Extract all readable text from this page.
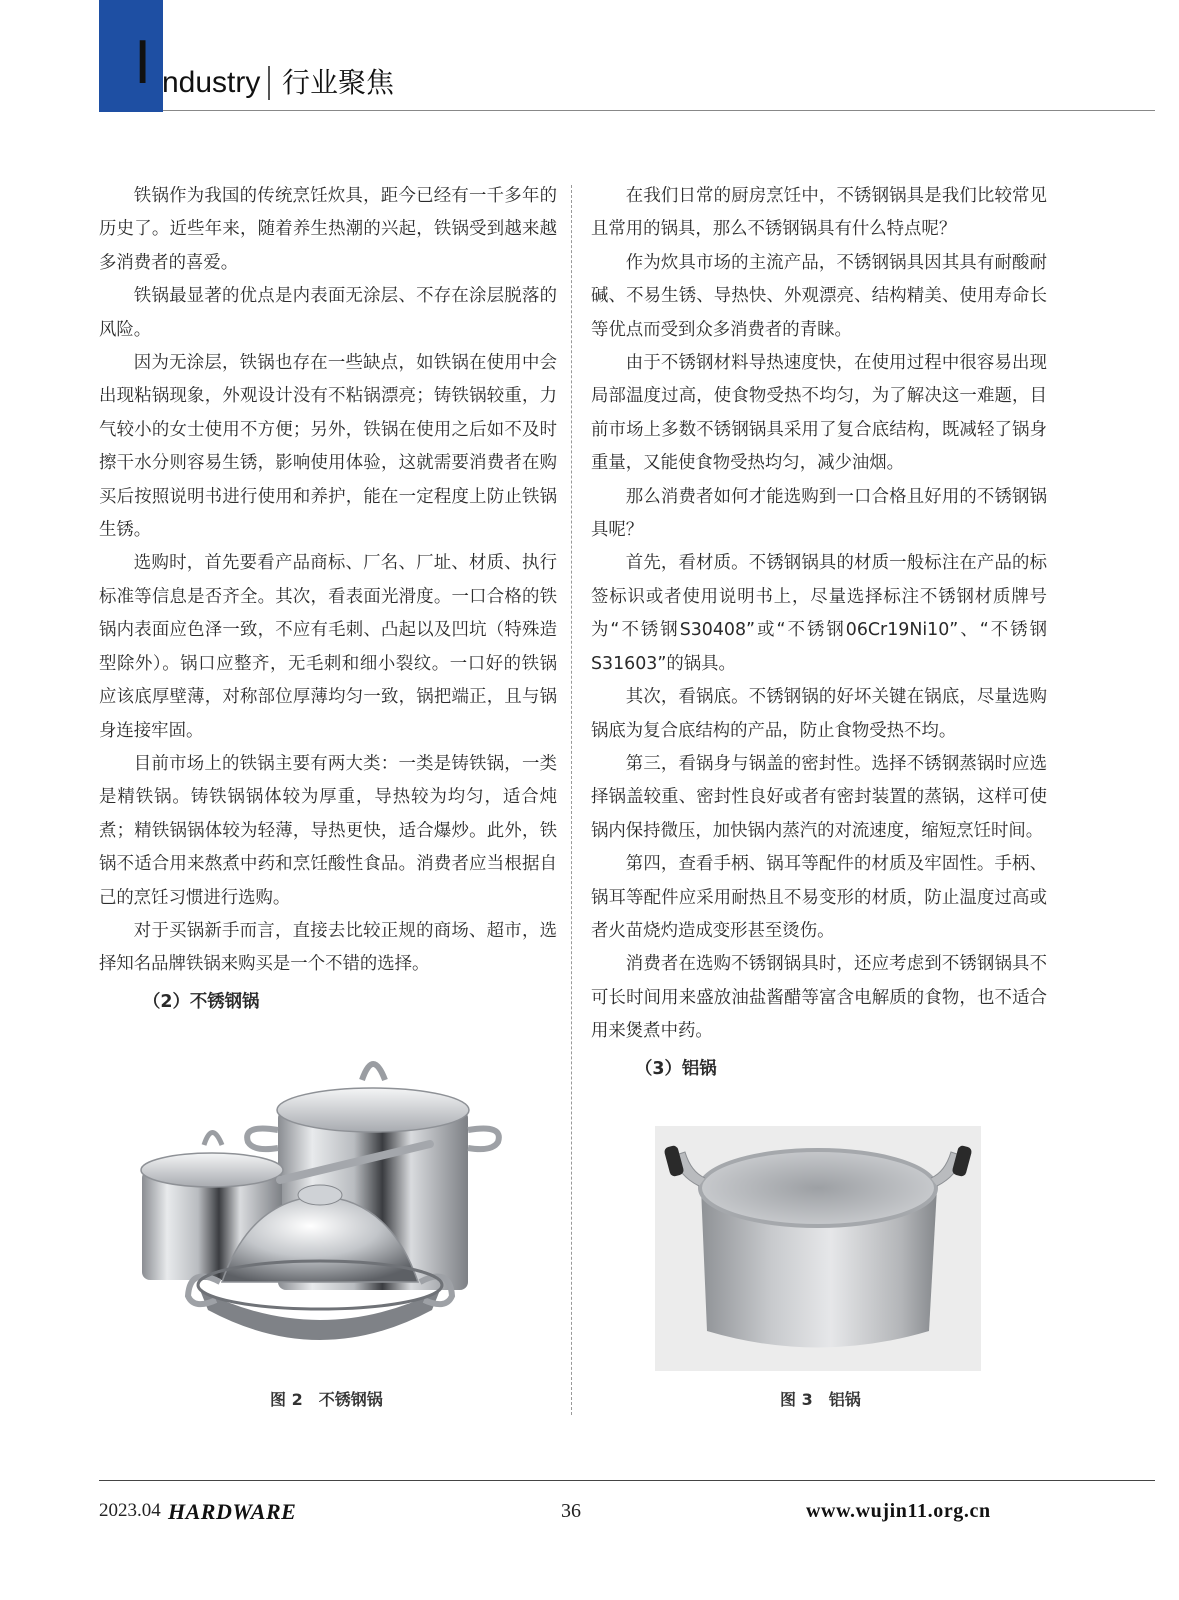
I ndustry 行业聚焦

铁锅作为我国的传统烹饪炊具，距今已经有一千多年的历史了。近些年来，随着养生热潮的兴起，铁锅受到越来越多消费者的喜爱。

铁锅最显著的优点是内表面无涂层、不存在涂层脱落的风险。

因为无涂层，铁锅也存在一些缺点，如铁锅在使用中会出现粘锅现象，外观设计没有不粘锅漂亮；铸铁锅较重，力气较小的女士使用不方便；另外，铁锅在使用之后如不及时擦干水分则容易生锈，影响使用体验，这就需要消费者在购买后按照说明书进行使用和养护，能在一定程度上防止铁锅生锈。

选购时，首先要看产品商标、厂名、厂址、材质、执行标准等信息是否齐全。其次，看表面光滑度。一口合格的铁锅内表面应色泽一致，不应有毛刺、凸起以及凹坑（特殊造型除外）。锅口应整齐，无毛刺和细小裂纹。一口好的铁锅应该底厚壁薄，对称部位厚薄均匀一致，锅把端正，且与锅身连接牢固。

目前市场上的铁锅主要有两大类：一类是铸铁锅，一类是精铁锅。铸铁锅锅体较为厚重，导热较为均匀，适合炖煮；精铁锅锅体较为轻薄，导热更快，适合爆炒。此外，铁锅不适合用来熬煮中药和烹饪酸性食品。消费者应当根据自己的烹饪习惯进行选购。

对于买锅新手而言，直接去比较正规的商场、超市，选择知名品牌铁锅来购买是一个不错的选择。

（2）不锈钢锅

在我们日常的厨房烹饪中，不锈钢锅具是我们比较常见且常用的锅具，那么不锈钢锅具有什么特点呢？

作为炊具市场的主流产品，不锈钢锅具因其具有耐酸耐碱、不易生锈、导热快、外观漂亮、结构精美、使用寿命长等优点而受到众多消费者的青睐。

由于不锈钢材料导热速度快，在使用过程中很容易出现局部温度过高，使食物受热不均匀，为了解决这一难题，目前市场上多数不锈钢锅具采用了复合底结构，既减轻了锅身重量，又能使食物受热均匀，减少油烟。

那么消费者如何才能选购到一口合格且好用的不锈钢锅具呢？

首先，看材质。不锈钢锅具的材质一般标注在产品的标签标识或者使用说明书上，尽量选择标注不锈钢材质牌号为“不锈钢S30408”或“不锈钢06Cr19Ni10”、“不锈钢 S31603”的锅具。

其次，看锅底。不锈钢锅的好坏关键在锅底，尽量选购锅底为复合底结构的产品，防止食物受热不均。

第三，看锅身与锅盖的密封性。选择不锈钢蒸锅时应选择锅盖较重、密封性良好或者有密封装置的蒸锅，这样可使锅内保持微压，加快锅内蒸汽的对流速度，缩短烹饪时间。

第四，查看手柄、锅耳等配件的材质及牢固性。手柄、锅耳等配件应采用耐热且不易变形的材质，防止温度过高或者火苗烧灼造成变形甚至烫伤。

消费者在选购不锈钢锅具时，还应考虑到不锈钢锅具不可长时间用来盛放油盐酱醋等富含电解质的食物，也不适合用来煲煮中药。

（3）铝锅
图 2　不锈钢锅	图 3　铝锅
2023.04 HARDWARE	36	www.wujin11.org.cn
